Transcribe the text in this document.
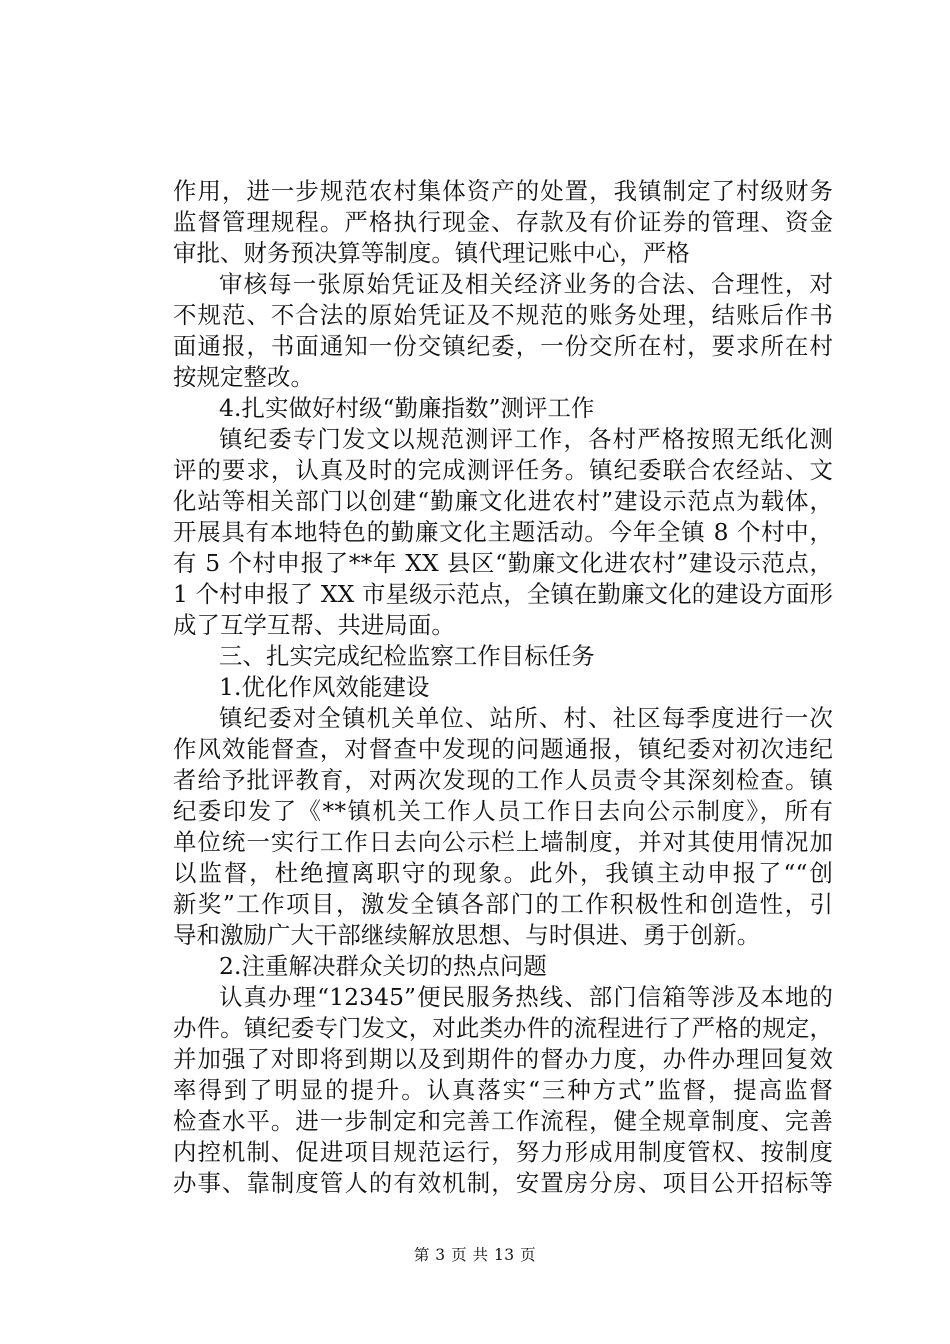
作用，进一步规范农村集体资产的处置，我镇制定了村级财务
监督管理规程。严格执行现金、存款及有价证券的管理、资金
审批、财务预决算等制度。镇代理记账中心，严格
审核每一张原始凭证及相关经济业务的合法、合理性，对
不规范、不合法的原始凭证及不规范的账务处理，结账后作书
面通报，书面通知一份交镇纪委，一份交所在村，要求所在村
按规定整改。
4.扎实做好村级“勤廉指数”测评工作
镇纪委专门发文以规范测评工作，各村严格按照无纸化测
评的要求，认真及时的完成测评任务。镇纪委联合农经站、文
化站等相关部门以创建“勤廉文化进农村”建设示范点为载体，
开展具有本地特色的勤廉文化主题活动。今年全镇 8 个村中，
有 5 个村申报了**年 XX 县区“勤廉文化进农村”建设示范点，
1 个村申报了 XX 市星级示范点，全镇在勤廉文化的建设方面形
成了互学互帮、共进局面。
三、扎实完成纪检监察工作目标任务
1.优化作风效能建设
镇纪委对全镇机关单位、站所、村、社区每季度进行一次
作风效能督查，对督查中发现的问题通报，镇纪委对初次违纪
者给予批评教育，对两次发现的工作人员责令其深刻检查。镇
纪委印发了《**镇机关工作人员工作日去向公示制度》，所有
单位统一实行工作日去向公示栏上墙制度，并对其使用情况加
以监督，杜绝擅离职守的现象。此外，我镇主动申报了““创
新奖”工作项目，激发全镇各部门的工作积极性和创造性，引
导和激励广大干部继续解放思想、与时俱进、勇于创新。
2.注重解决群众关切的热点问题
认真办理“12345”便民服务热线、部门信箱等涉及本地的
办件。镇纪委专门发文，对此类办件的流程进行了严格的规定，
并加强了对即将到期以及到期件的督办力度，办件办理回复效
率得到了明显的提升。认真落实“三种方式”监督，提高监督
检查水平。进一步制定和完善工作流程，健全规章制度、完善
内控机制、促进项目规范运行，努力形成用制度管权、按制度
办事、靠制度管人的有效机制，安置房分房、项目公开招标等
第 3 页 共 13 页
